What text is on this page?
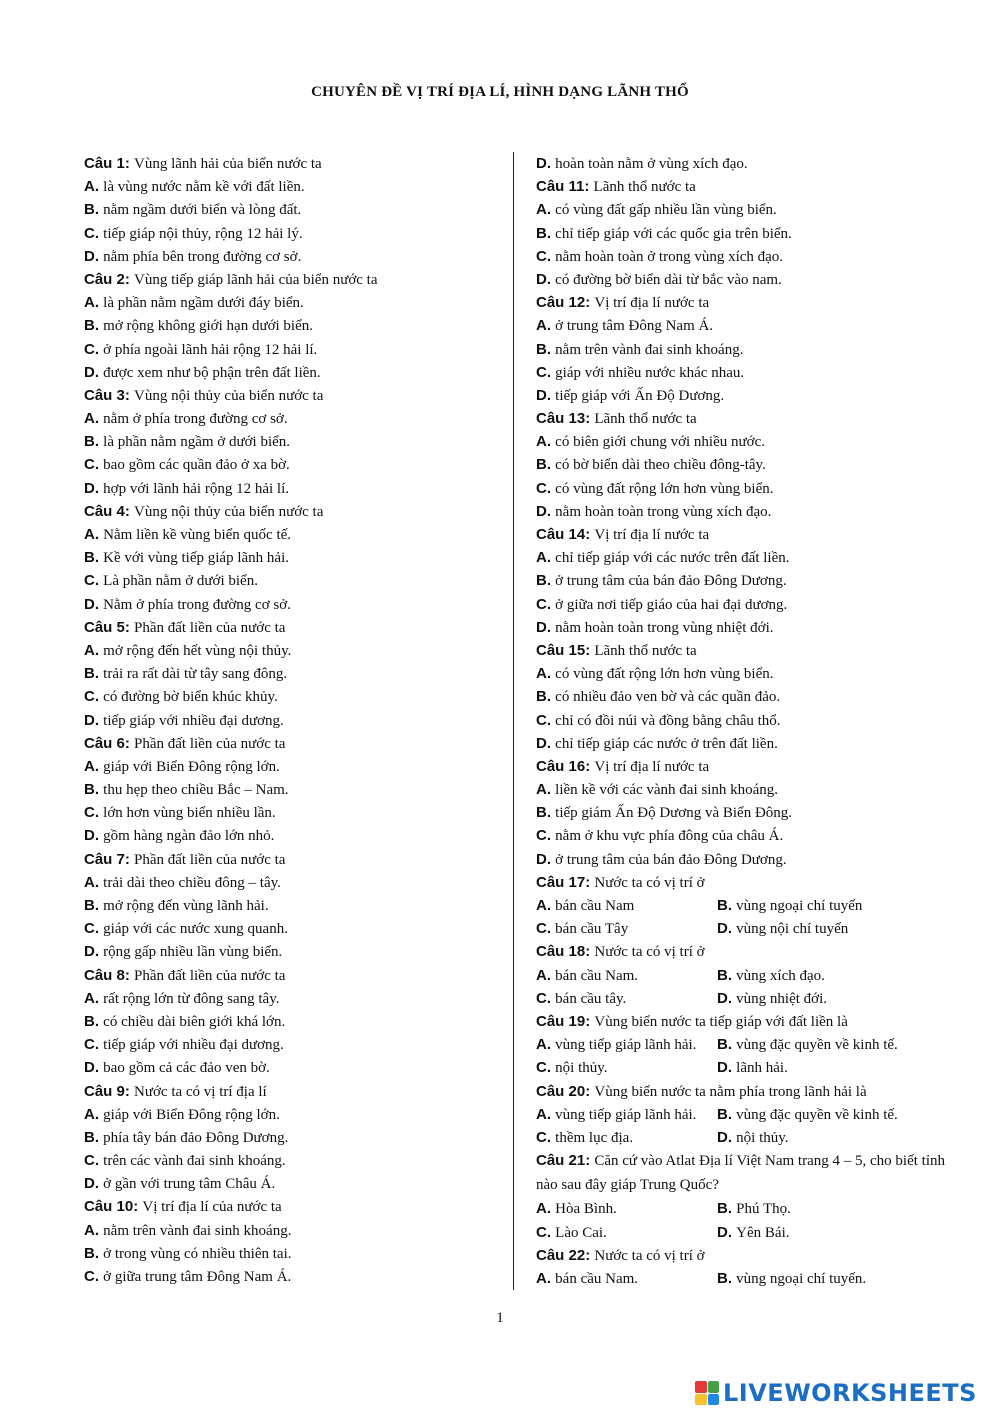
CHUYÊN ĐỀ VỊ TRÍ ĐỊA LÍ, HÌNH DẠNG LÃNH THỔ
Câu 1: Vùng lãnh hải của biển nước ta
A. là vùng nước nằm kề với đất liền.
B. nằm ngầm dưới biển và lòng đất.
C. tiếp giáp nội thủy, rộng 12 hải lý.
D. nằm phía bên trong đường cơ sở.
Câu 2: Vùng tiếp giáp lãnh hải của biển nước ta
A. là phần nằm ngầm dưới đáy biển.
B. mở rộng không giới hạn dưới biển.
C. ở phía ngoài lãnh hải rộng 12 hải lí.
D. được xem như bộ phận trên đất liền.
Câu 3: Vùng nội thủy của biển nước ta
A. nằm ở phía trong đường cơ sở.
B. là phần nằm ngầm ở dưới biển.
C. bao gồm các quần đảo ở xa bờ.
D. hợp với lãnh hải rộng 12 hải lí.
Câu 4: Vùng nội thủy của biển nước ta
A. Nằm liền kề vùng biển quốc tế.
B. Kề với vùng tiếp giáp lãnh hải.
C. Là phần nằm ở dưới biển.
D. Nằm ở phía trong đường cơ sở.
Câu 5: Phần đất liền của nước ta
A. mở rộng đến hết vùng nội thủy.
B. trải ra rất dài từ tây sang đông.
C. có đường bờ biển khúc khủy.
D. tiếp giáp với nhiều đại dương.
Câu 6: Phần đất liền của nước ta
A. giáp với Biển Đông rộng lớn.
B. thu hẹp theo chiều Bắc – Nam.
C. lớn hơn vùng biển nhiều lần.
D. gồm hàng ngàn đảo lớn nhỏ.
Câu 7: Phần đất liền của nước ta
A. trải dài theo chiều đông – tây.
B. mở rộng đến vùng lãnh hải.
C. giáp với các nước xung quanh.
D. rộng gấp nhiều lần vùng biển.
Câu 8: Phần đất liền của nước ta
A. rất rộng lớn từ đông sang tây.
B. có chiều dài biên giới khá lớn.
C. tiếp giáp với nhiều đại dương.
D. bao gồm cả các đảo ven bờ.
Câu 9: Nước ta có vị trí địa lí
A. giáp với Biển Đông rộng lớn.
B. phía tây bán đảo Đông Dương.
C. trên các vành đai sinh khoáng.
D. ở gần với trung tâm Châu Á.
Câu 10: Vị trí địa lí của nước ta
A. nằm trên vành đai sinh khoáng.
B. ở trong vùng có nhiều thiên tai.
C. ở giữa trung tâm Đông Nam Á.
D. hoàn toàn nằm ở vùng xích đạo.
Câu 11: Lãnh thổ nước ta
A. có vùng đất gấp nhiều lần vùng biển.
B. chỉ tiếp giáp với các quốc gia trên biển.
C. nằm hoàn toàn ở trong vùng xích đạo.
D. có đường bờ biển dài từ bắc vào nam.
Câu 12: Vị trí địa lí nước ta
A. ở trung tâm Đông Nam Á.
B. nằm trên vành đai sinh khoáng.
C. giáp với nhiều nước khác nhau.
D. tiếp giáp với Ấn Độ Dương.
Câu 13: Lãnh thổ nước ta
A. có biên giới chung với nhiều nước.
B. có bờ biển dài theo chiều đông-tây.
C. có vùng đất rộng lớn hơn vùng biển.
D. nằm hoàn toàn trong vùng xích đạo.
Câu 14: Vị trí địa lí nước ta
A. chỉ tiếp giáp với các nước trên đất liền.
B. ở trung tâm của bán đảo Đông Dương.
C. ở giữa nơi tiếp giáo của hai đại dương.
D. nằm hoàn toàn trong vùng nhiệt đới.
Câu 15: Lãnh thổ nước ta
A. có vùng đất rộng lớn hơn vùng biển.
B. có nhiều đảo ven bờ và các quần đảo.
C. chỉ có đồi núi và đồng bằng châu thổ.
D. chỉ tiếp giáp các nước ở trên đất liền.
Câu 16: Vị trí địa lí nước ta
A. liền kề với các vành đai sinh khoáng.
B. tiếp giám Ấn Độ Dương và Biển Đông.
C. nằm ở khu vực phía đông của châu Á.
D. ở trung tâm của bán đảo Đông Dương.
Câu 17: Nước ta có vị trí ở
A. bán cầu Nam	B. vùng ngoại chí tuyến
C. bán cầu Tây	D. vùng nội chí tuyến
Câu 18: Nước ta có vị trí ở
A. bán cầu Nam.	B. vùng xích đạo.
C. bán cầu tây.	D. vùng nhiệt đới.
Câu 19: Vùng biển nước ta tiếp giáp với đất liền là
A. vùng tiếp giáp lãnh hải. B. vùng đặc quyền về kinh tế.
C. nội thủy.	D. lãnh hải.
Câu 20: Vùng biển nước ta nằm phía trong lãnh hải là
A. vùng tiếp giáp lãnh hải. B. vùng đặc quyền về kinh tế.
C. thềm lục địa.	D. nội thủy.
Câu 21: Căn cứ vào Atlat Địa lí Việt Nam trang 4 – 5, cho biết tỉnh nào sau đây giáp Trung Quốc?
A. Hòa Bình.	B. Phú Thọ.
C. Lào Cai.	D. Yên Bái.
Câu 22: Nước ta có vị trí ở
A. bán cầu Nam.	B. vùng ngoại chí tuyến.
1
LIVEWORKSHEETS
